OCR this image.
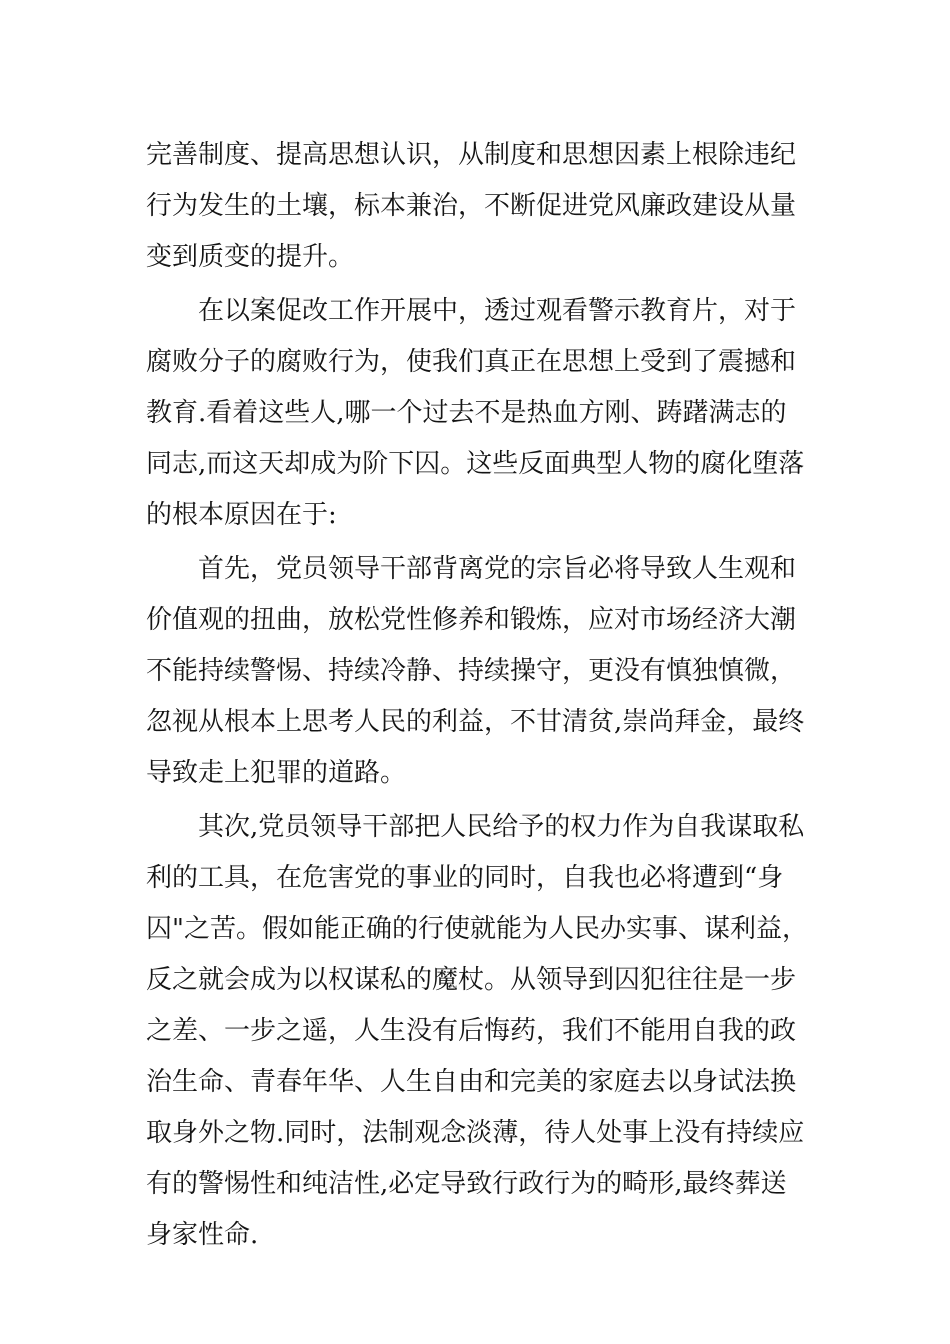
完善制度、提高思想认识，从制度和思想因素上根除违纪
行为发生的土壤，标本兼治，不断促进党风廉政建设从量
变到质变的提升。
在以案促改工作开展中，透过观看警示教育片，对于
腐败分子的腐败行为，使我们真正在思想上受到了震撼和
教育.看着这些人,哪一个过去不是热血方刚、踌躇满志的
同志,而这天却成为阶下囚。这些反面典型人物的腐化堕落
的根本原因在于:
首先，党员领导干部背离党的宗旨必将导致人生观和
价值观的扭曲，放松党性修养和锻炼，应对市场经济大潮
不能持续警惕、持续冷静、持续操守，更没有慎独慎微，
忽视从根本上思考人民的利益，不甘清贫,崇尚拜金，最终
导致走上犯罪的道路。
其次,党员领导干部把人民给予的权力作为自我谋取私
利的工具，在危害党的事业的同时，自我也必将遭到“身
囚"之苦。假如能正确的行使就能为人民办实事、谋利益，
反之就会成为以权谋私的魔杖。从领导到囚犯往往是一步
之差、一步之遥，人生没有后悔药，我们不能用自我的政
治生命、青春年华、人生自由和完美的家庭去以身试法换
取身外之物.同时，法制观念淡薄，待人处事上没有持续应
有的警惕性和纯洁性,必定导致行政行为的畸形,最终葬送
身家性命.
